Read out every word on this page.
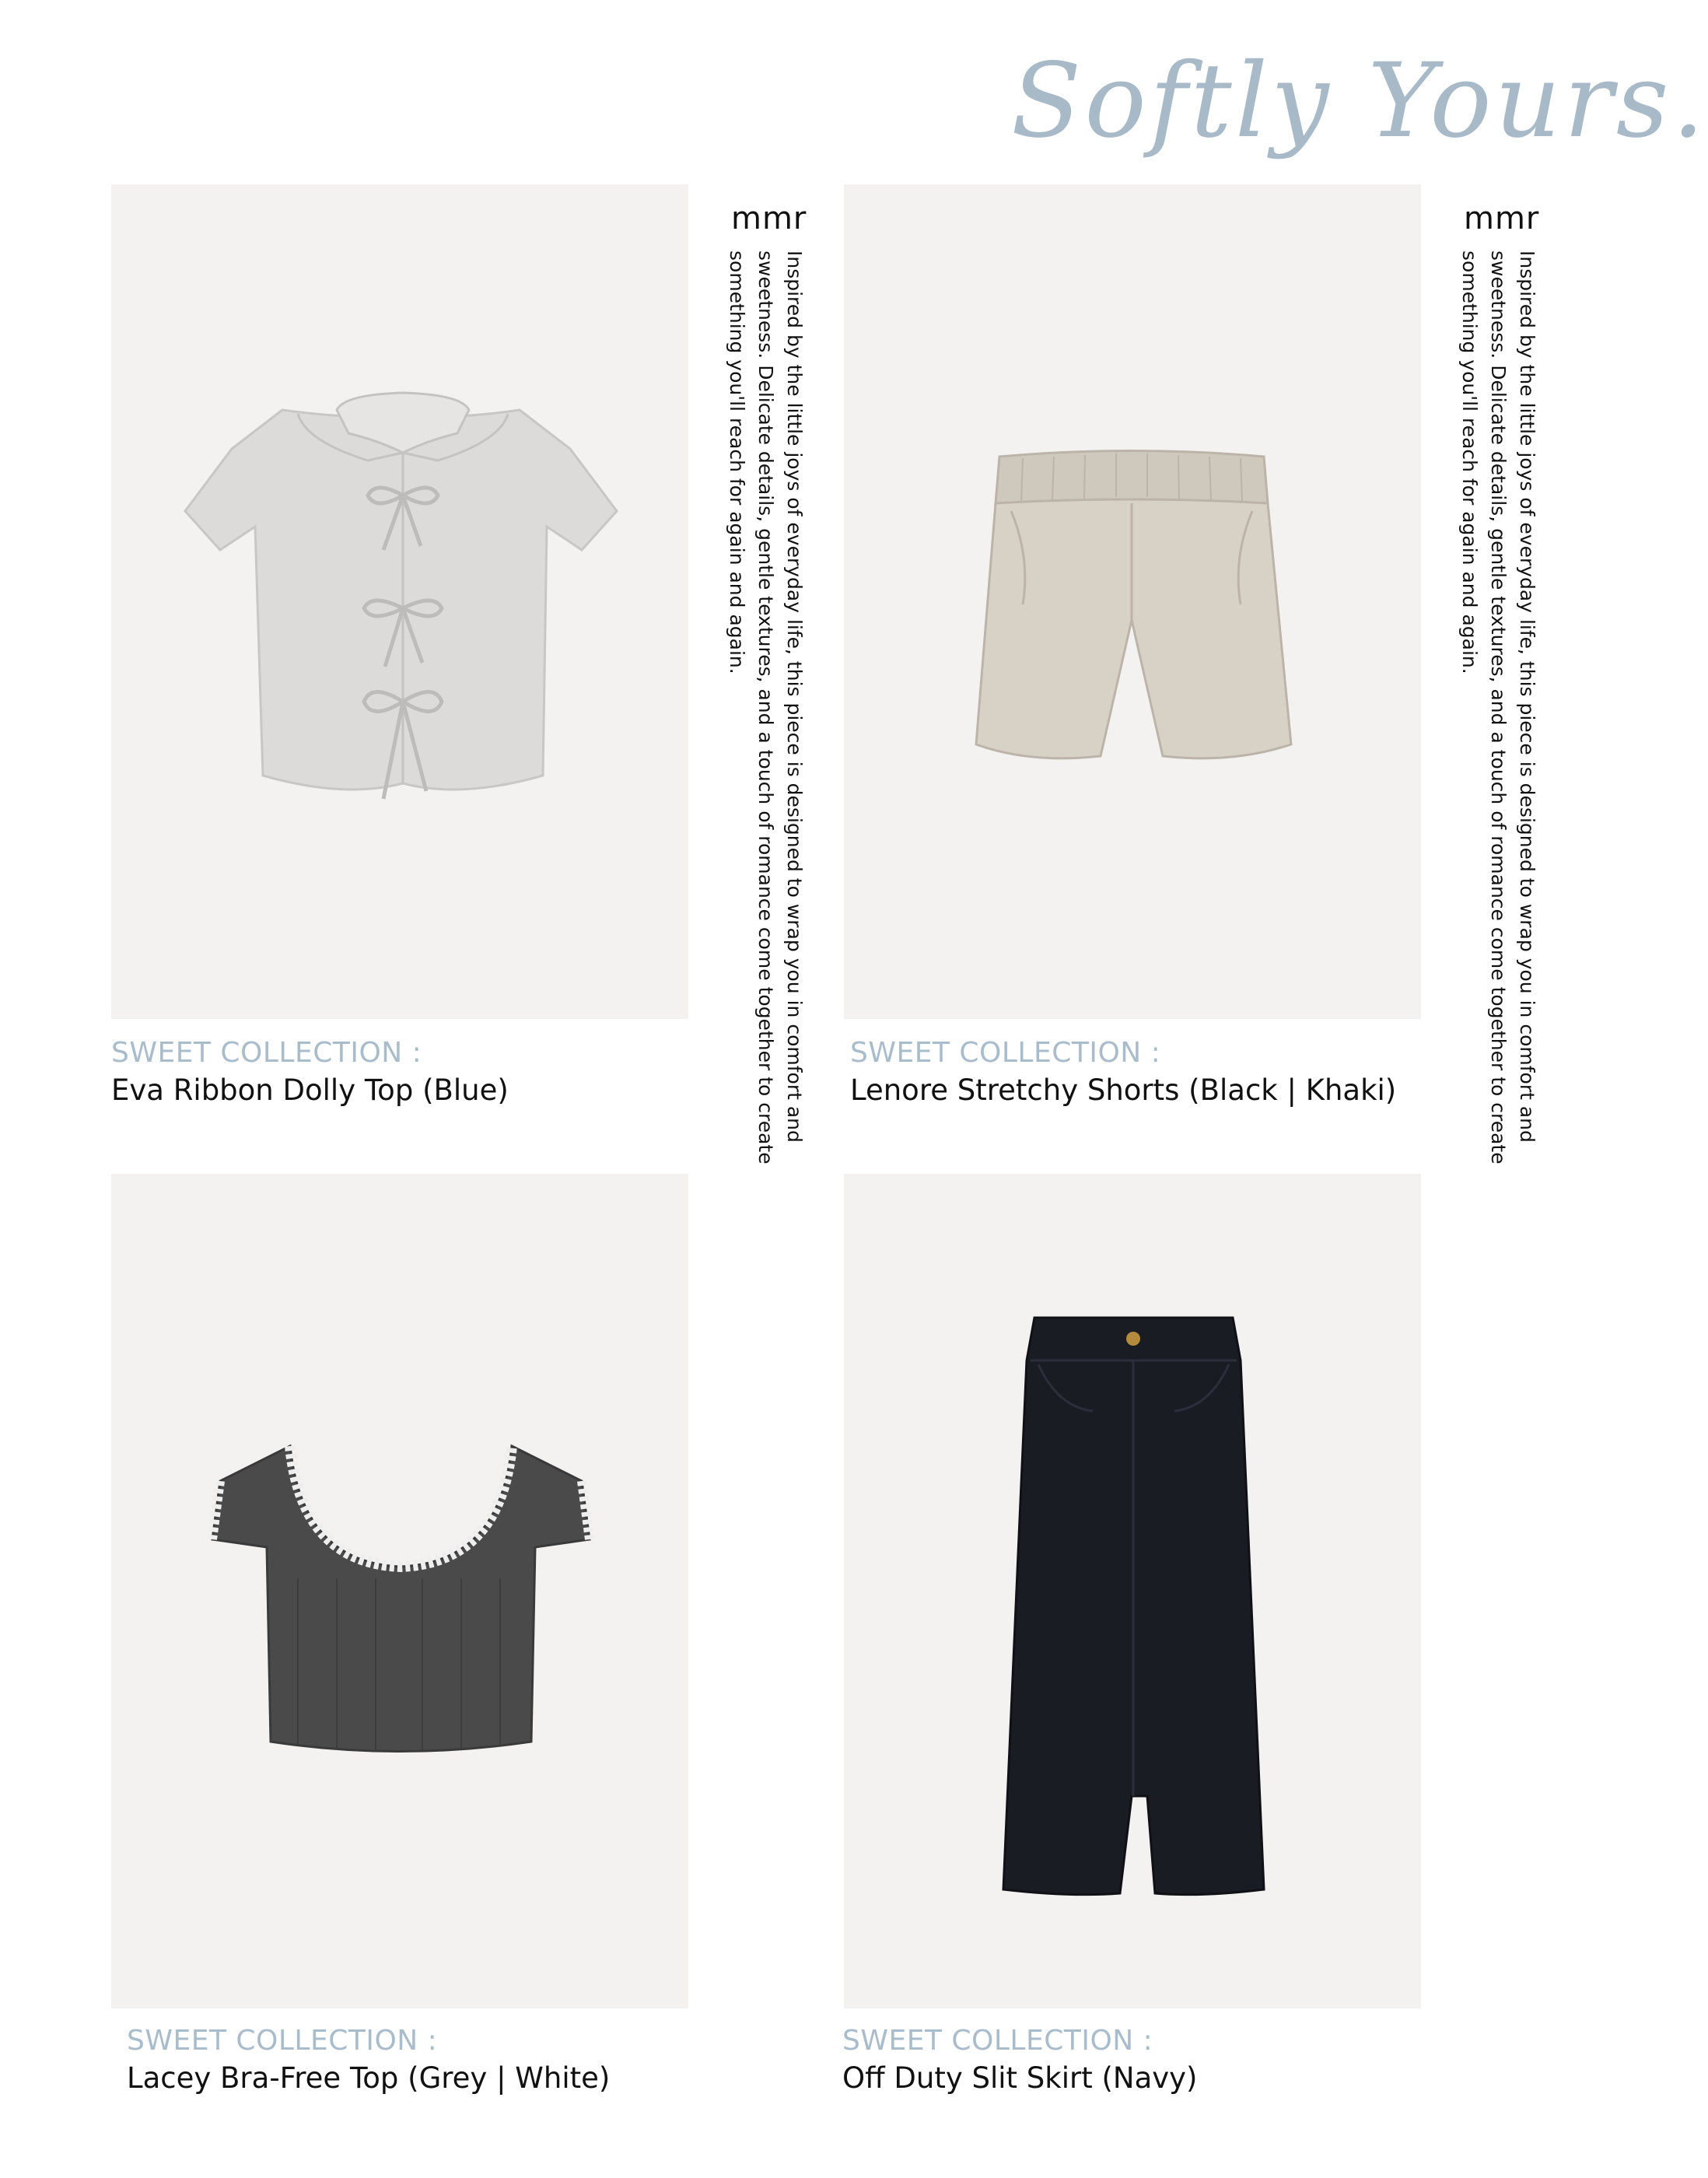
Softly Yours.
SWEET COLLECTION :
Eva Ribbon Dolly Top (Blue)
mmr
Inspired by the little joys of everyday life, this piece is designed to wrap you in comfort and sweetness. Delicate details, gentle textures, and a touch of romance come together to create something you'll reach for again and again.
SWEET COLLECTION :
Lenore Stretchy Shorts (Black | Khaki)
mmr
Inspired by the little joys of everyday life, this piece is designed to wrap you in comfort and sweetness. Delicate details, gentle textures, and a touch of romance come together to create something you'll reach for again and again.
SWEET COLLECTION :
Lacey Bra-Free Top (Grey | White)
SWEET COLLECTION :
Off Duty Slit Skirt (Navy)
